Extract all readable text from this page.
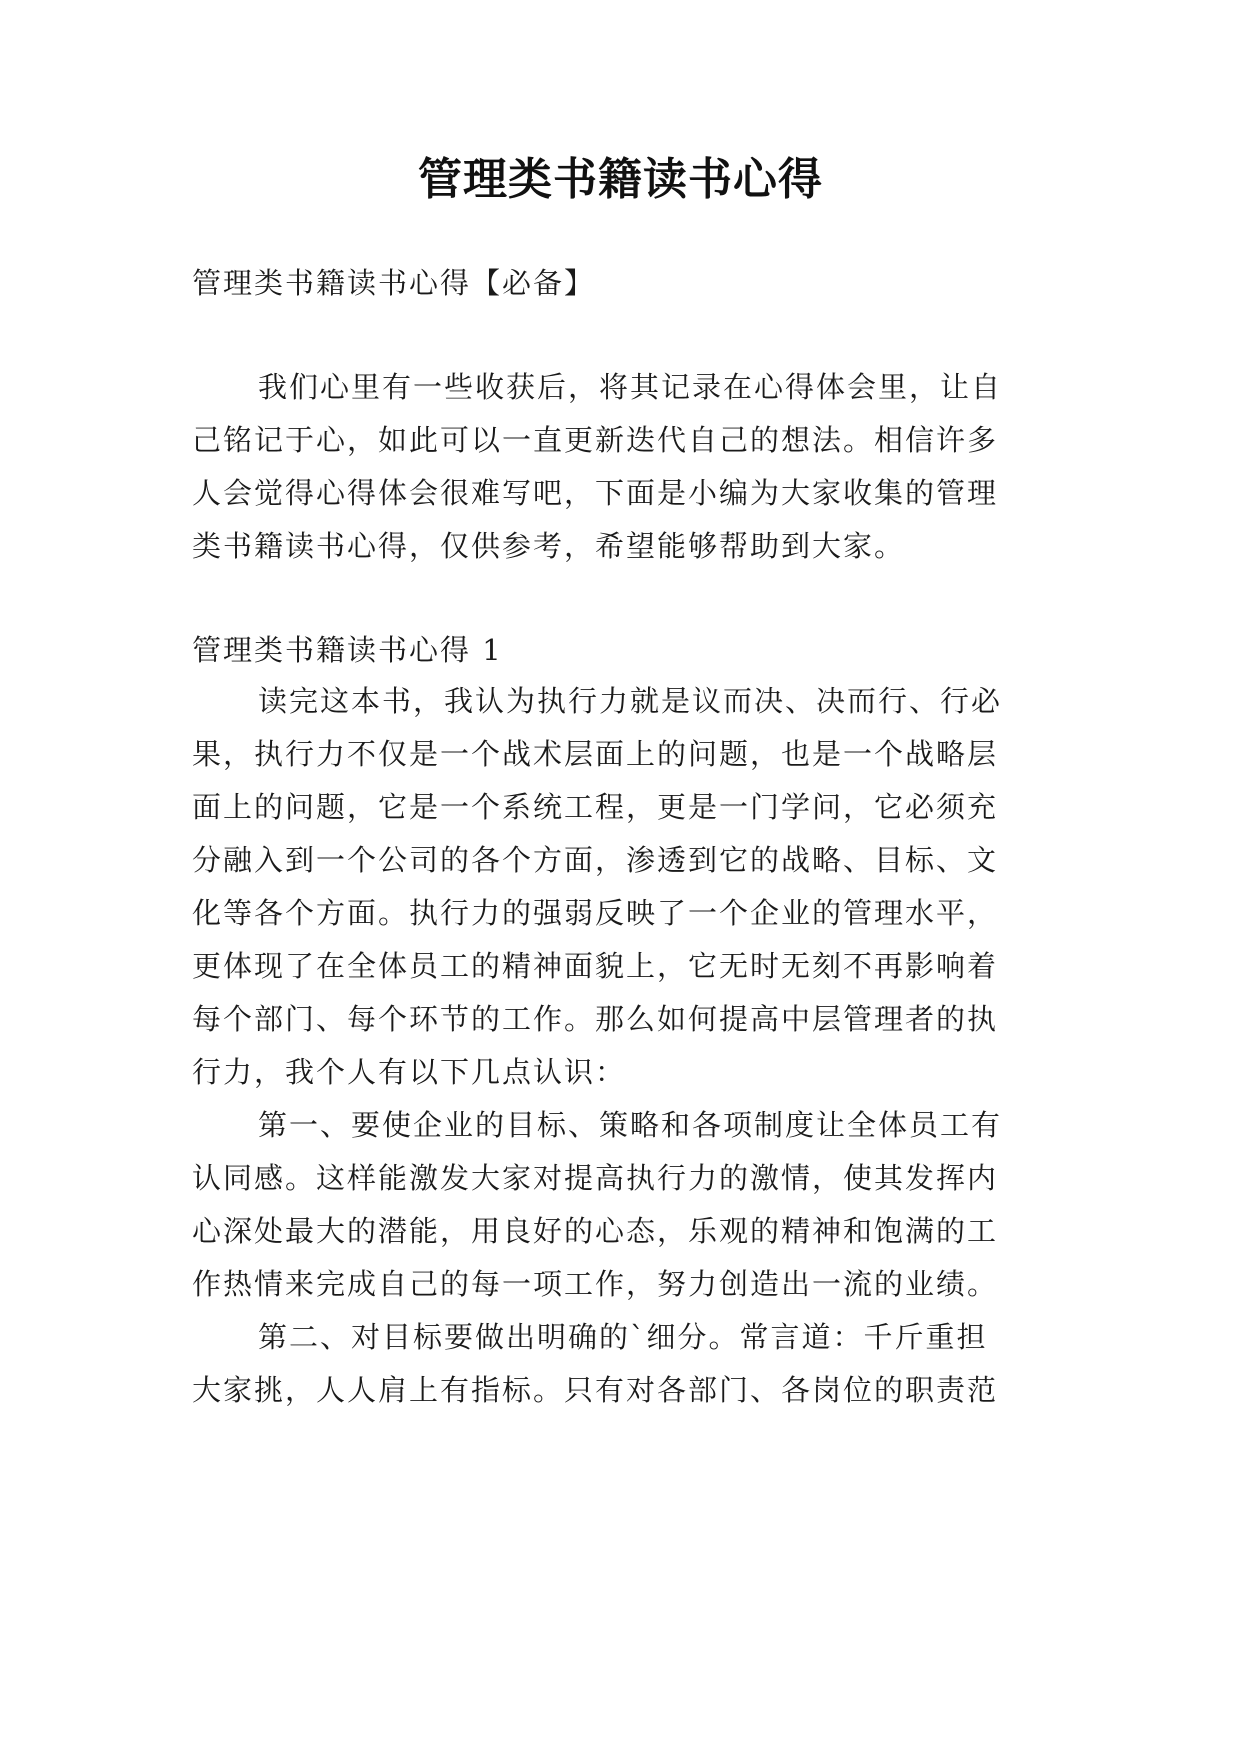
管理类书籍读书心得

管理类书籍读书心得【必备】

我们心里有一些收获后，将其记录在心得体会里，让自

己铭记于心，如此可以一直更新迭代自己的想法。相信许多

人会觉得心得体会很难写吧，下面是小编为大家收集的管理

类书籍读书心得，仅供参考，希望能够帮助到大家。

管理类书籍读书心得 1

读完这本书，我认为执行力就是议而决、决而行、行必

果，执行力不仅是一个战术层面上的问题，也是一个战略层

面上的问题，它是一个系统工程，更是一门学问，它必须充

分融入到一个公司的各个方面，渗透到它的战略、目标、文

化等各个方面。执行力的强弱反映了一个企业的管理水平，

更体现了在全体员工的精神面貌上，它无时无刻不再影响着

每个部门、每个环节的工作。那么如何提高中层管理者的执

行力，我个人有以下几点认识：

第一、要使企业的目标、策略和各项制度让全体员工有

认同感。这样能激发大家对提高执行力的激情，使其发挥内

心深处最大的潜能，用良好的心态，乐观的精神和饱满的工

作热情来完成自己的每一项工作，努力创造出一流的业绩。

第二、对目标要做出明确的`细分。常言道：千斤重担

大家挑，人人肩上有指标。只有对各部门、各岗位的职责范
